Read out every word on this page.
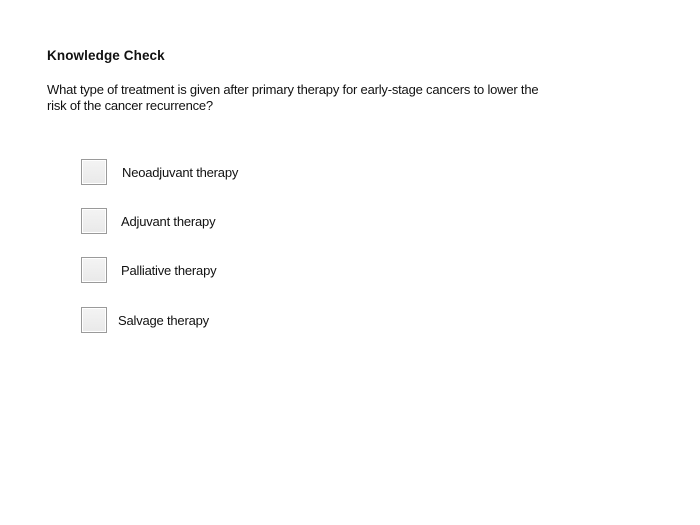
Knowledge Check
What type of treatment is given after primary therapy for early-stage cancers to lower the
risk of the cancer recurrence?
Neoadjuvant therapy
Adjuvant therapy
Palliative therapy
Salvage therapy
